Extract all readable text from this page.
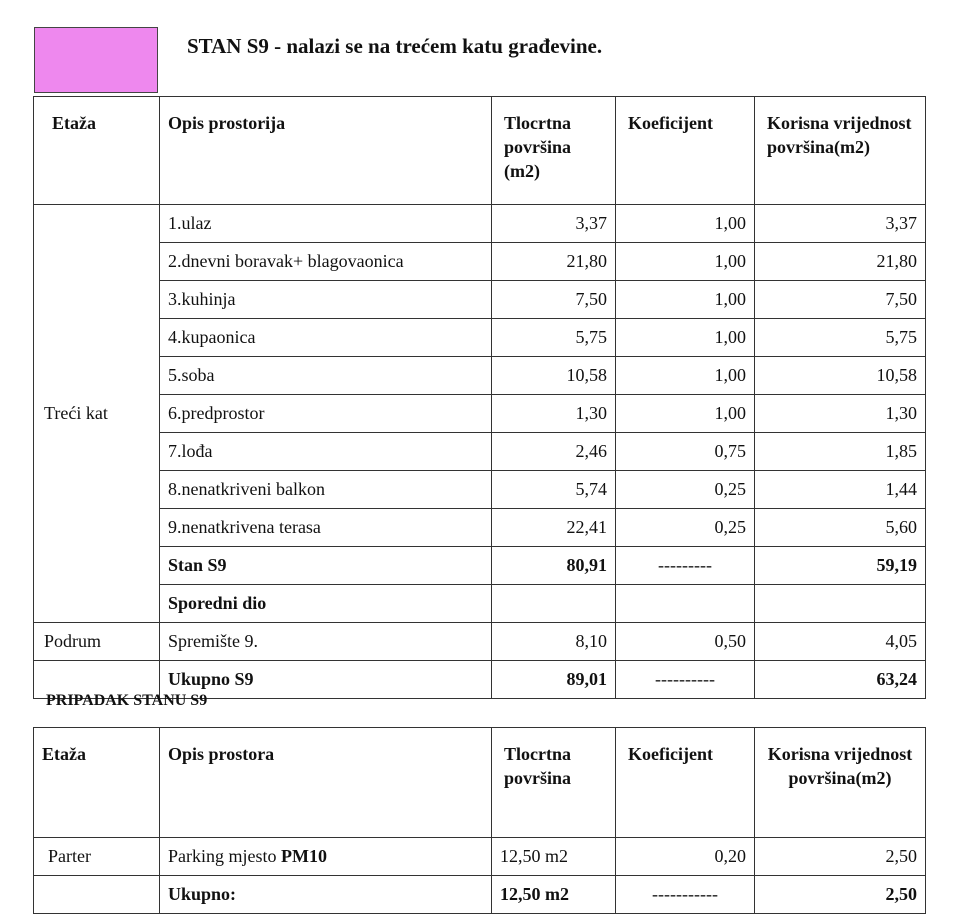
STAN S9 - nalazi se na trećem katu građevine.
Etaža	Opis prostorija	Tlocrtna površina (m2)	Koeficijent	Korisna vrijednost površina(m2)
Treći kat	1.ulaz	3,37	1,00	3,37
	2.dnevni boravak+ blagovaonica	21,80	1,00	21,80
	3.kuhinja	7,50	1,00	7,50
	4.kupaonica	5,75	1,00	5,75
	5.soba	10,58	1,00	10,58
	6.predprostor	1,30	1,00	1,30
	7.lođa	2,46	0,75	1,85
	8.nenatkriveni balkon	5,74	0,25	1,44
	9.nenatkrivena terasa	22,41	0,25	5,60
	Stan S9	80,91	---------	59,19
	Sporedni dio			
Podrum	Spremište 9.	8,10	0,50	4,05
	Ukupno S9	89,01	----------	63,24
PRIPADAK STANU S9
Etaža	Opis prostora	Tlocrtna površina	Koeficijent	Korisna vrijednost površina(m2)
Parter	Parking mjesto PM10	12,50 m2	0,20	2,50
	Ukupno:	12,50 m2	-----------	2,50
